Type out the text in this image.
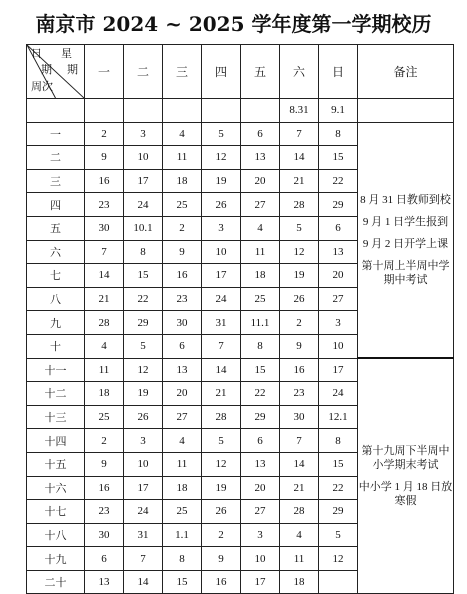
南京市 2024 ~ 2025 学年度第一学期校历
日 星
期 期
周次	一	二	三	四	五	六	日	备注
						8.31	9.1	
一	2	3	4	5	6	7	8	8 月 31 日教师到校

9 月 1 日学生报到

9 月 2 日开学上课

第十周上半周中学期中考试

二	9	10	11	12	13	14	15	
三	16	17	18	19	20	21	22	
四	23	24	25	26	27	28	29	
五	30	10.1	2	3	4	5	6	
六	7	8	9	10	11	12	13	
七	14	15	16	17	18	19	20	
八	21	22	23	24	25	26	27	
九	28	29	30	31	11.1	2	3	
十	4	5	6	7	8	9	10	
十一	11	12	13	14	15	16	17	第十九周下半周中小学期末考试

中小学 1 月 18 日放寒假

十二	18	19	20	21	22	23	24	
十三	25	26	27	28	29	30	12.1	
十四	2	3	4	5	6	7	8	
十五	9	10	11	12	13	14	15	
十六	16	17	18	19	20	21	22	
十七	23	24	25	26	27	28	29	
十八	30	31	1.1	2	3	4	5	
十九	6	7	8	9	10	11	12	
二十	13	14	15	16	17	18		
